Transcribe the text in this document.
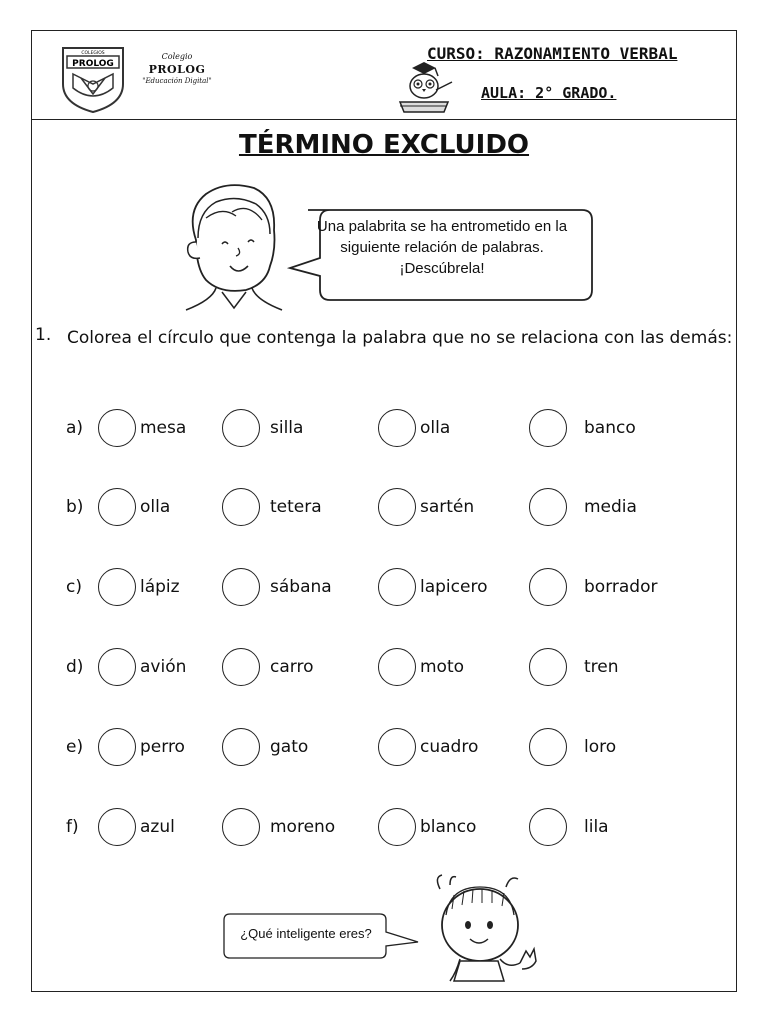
PROLOG
COLEGIOS	Colegio
PROLOG
"Educación Digital"
CURSO: RAZONAMIENTO VERBAL
AULA: 2° GRADO.
TÉRMINO EXCLUIDO
Una palabrita se ha entrometido en la siguiente relación de palabras. ¡Descúbrela!
1. Colorea el círculo que contenga la palabra que no se relaciona con las demás:
a)	mesa	silla	olla	banco
b)	olla	tetera	sartén	media
c)	lápiz	sábana	lapicero	borrador
d)	avión	carro	moto	tren
e)	perro	gato	cuadro	loro
f)	azul	moreno	blanco	lila
¿Qué inteligente eres?
